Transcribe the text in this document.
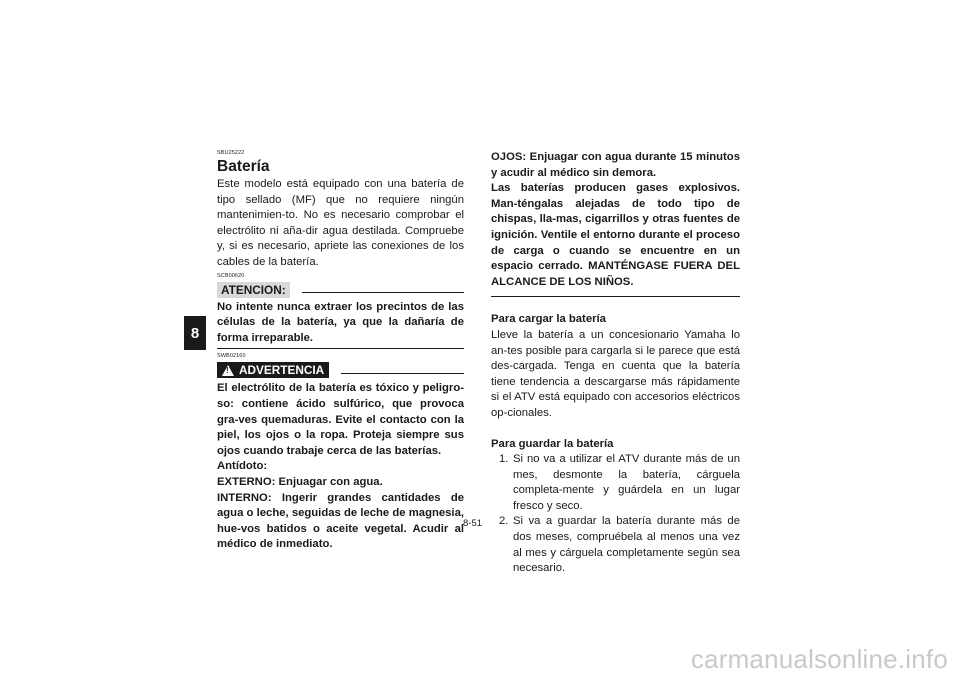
8

SBU25222

Batería

Este modelo está equipado con una batería de tipo sellado (MF) que no requiere ningún mantenimien-to. No es necesario comprobar el electrólito ni aña-dir agua destilada. Compruebe y, si es necesario, apriete las conexiones de los cables de la batería.

SCB00620

ATENCION:

No intente nunca extraer los precintos de las células de la batería, ya que la dañaría de forma irreparable.

SWB02160

! ADVERTENCIA

El electrólito de la batería es tóxico y peligro-so: contiene ácido sulfúrico, que provoca gra-ves quemaduras. Evite el contacto con la piel, los ojos o la ropa. Proteja siempre sus ojos cuando trabaje cerca de las baterías.

Antídoto:

EXTERNO: Enjuagar con agua.

INTERNO: Ingerir grandes cantidades de agua o leche, seguidas de leche de magnesia, hue-vos batidos o aceite vegetal. Acudir al médico de inmediato.

OJOS: Enjuagar con agua durante 15 minutos y acudir al médico sin demora.

Las baterías producen gases explosivos. Man-téngalas alejadas de todo tipo de chispas, lla-mas, cigarrillos y otras fuentes de ignición. Ventile el entorno durante el proceso de carga o cuando se encuentre en un espacio cerrado. MANTÉNGASE FUERA DEL ALCANCE DE LOS NIÑOS.

Para cargar la batería

Lleve la batería a un concesionario Yamaha lo an-tes posible para cargarla si le parece que está des-cargada. Tenga en cuenta que la batería tiene tendencia a descargarse más rápidamente si el ATV está equipado con accesorios eléctricos op-cionales.

Para guardar la batería

1. Si no va a utilizar el ATV durante más de un mes, desmonte la batería, cárguela completa-mente y guárdela en un lugar fresco y seco.
2. Si va a guardar la batería durante más de dos meses, compruébela al menos una vez al mes y cárguela completamente según sea necesario.
8-51
carmanualsonline.info
